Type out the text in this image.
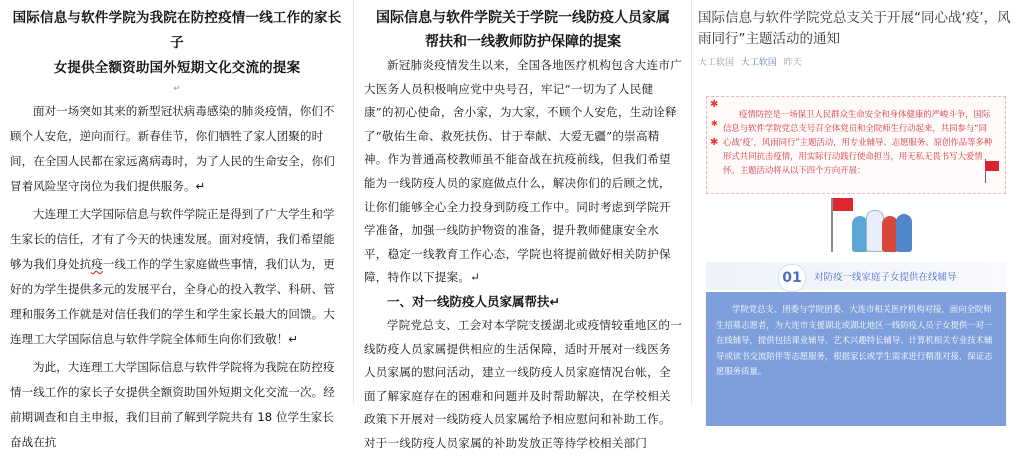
国际信息与软件学院为我院在防控疫情一线工作的家长子

女提供全额资助国外短期文化交流的提案

↵

面对一场突如其来的新型冠状病毒感染的肺炎疫情，你们不顾个人安危，逆向而行。新春佳节，你们牺牲了家人团聚的时间，在全国人民都在家远离病毒时，为了人民的生命安全，你们冒着风险坚守岗位为我们提供服务。↵

大连理工大学国际信息与软件学院正是得到了广大学生和学生家长的信任，才有了今天的快速发展。面对疫情，我们希望能够为我们身处抗疫一线工作的学生家庭做些事情，我们认为，更好的为学生提供多元的发展平台，全身心的投入教学、科研、管理和服务工作就是对信任我们的学生和学生家长最大的回馈。大连理工大学国际信息与软件学院全体师生向你们致敬！↵

为此，大连理工大学国际信息与软件学院将为我院在防控疫情一线工作的家长子女提供全额资助国外短期文化交流一次。经前期调查和自主申报，我们目前了解到学院共有 18 位学生家长奋战在抗

国际信息与软件学院关于学院一线防疫人员家属

帮扶和一线教师防护保障的提案

新冠肺炎疫情发生以来，全国各地医疗机构包含大连市广大医务人员积极响应党中央号召，牢记“一切为了人民健康”的初心使命，舍小家，为大家，不顾个人安危，生动诠释了“敬佑生命、救死扶伤、甘于奉献、大爱无疆”的崇高精神。作为普通高校教师虽不能奋战在抗疫前线，但我们希望能为一线防疫人员的家庭做点什么，解决你们的后顾之忧，让你们能够全心全力投身到防疫工作中。同时考虑到学院开学准备，加强一线防护物资的准备，提升教师健康安全水平，稳定一线教育工作心态，学院也将提前做好相关防护保障，特作以下提案。↵

一、对一线防疫人员家属帮扶↵

学院党总支、工会对本学院支援湖北或疫情较重地区的一线防疫人员家属提供相应的生活保障，适时开展对一线医务人员家属的慰问活动，建立一线防疫人员家庭情况台帐，全面了解家庭存在的困难和问题并及时帮助解决，在学校相关政策下开展对一线防疫人员家属给予相应慰问和补助工作。对于一线防疫人员家属的补助发放正等待学校相关部门

国际信息与软件学院党总支关于开展“同心战‘疫’，风雨同行”主题活动的通知
大工软国 大工软国 昨天
✱
✱
✱

疫情防控是一场保卫人民群众生命安全和身体健康的严峻斗争，国际信息与软件学院党总支号召全体党员和全院师生行动起来，共同参与“同心战‘疫’，风雨同行”主题活动，用专业辅导、志愿服务、原创作品等多种形式共同抗击疫情，用实际行动践行使命担当，用无私无畏书写大爱情怀。主题活动将从以下四个方向开展：

01	对防疫一线家庭子女提供在线辅导

学院党总支、团委与学院团委、大连市相关医疗机构对接，面向全院师生招募志愿者，为大连市支援湖北或湖北地区一线防疫人员子女提供一对一在线辅导，提供包括课业辅导、艺术兴趣特长辅导、计算机相关专业技术辅导或读书交流陪伴等志愿服务，根据家长或学生需求进行精准对接，保证志愿服务质量。
